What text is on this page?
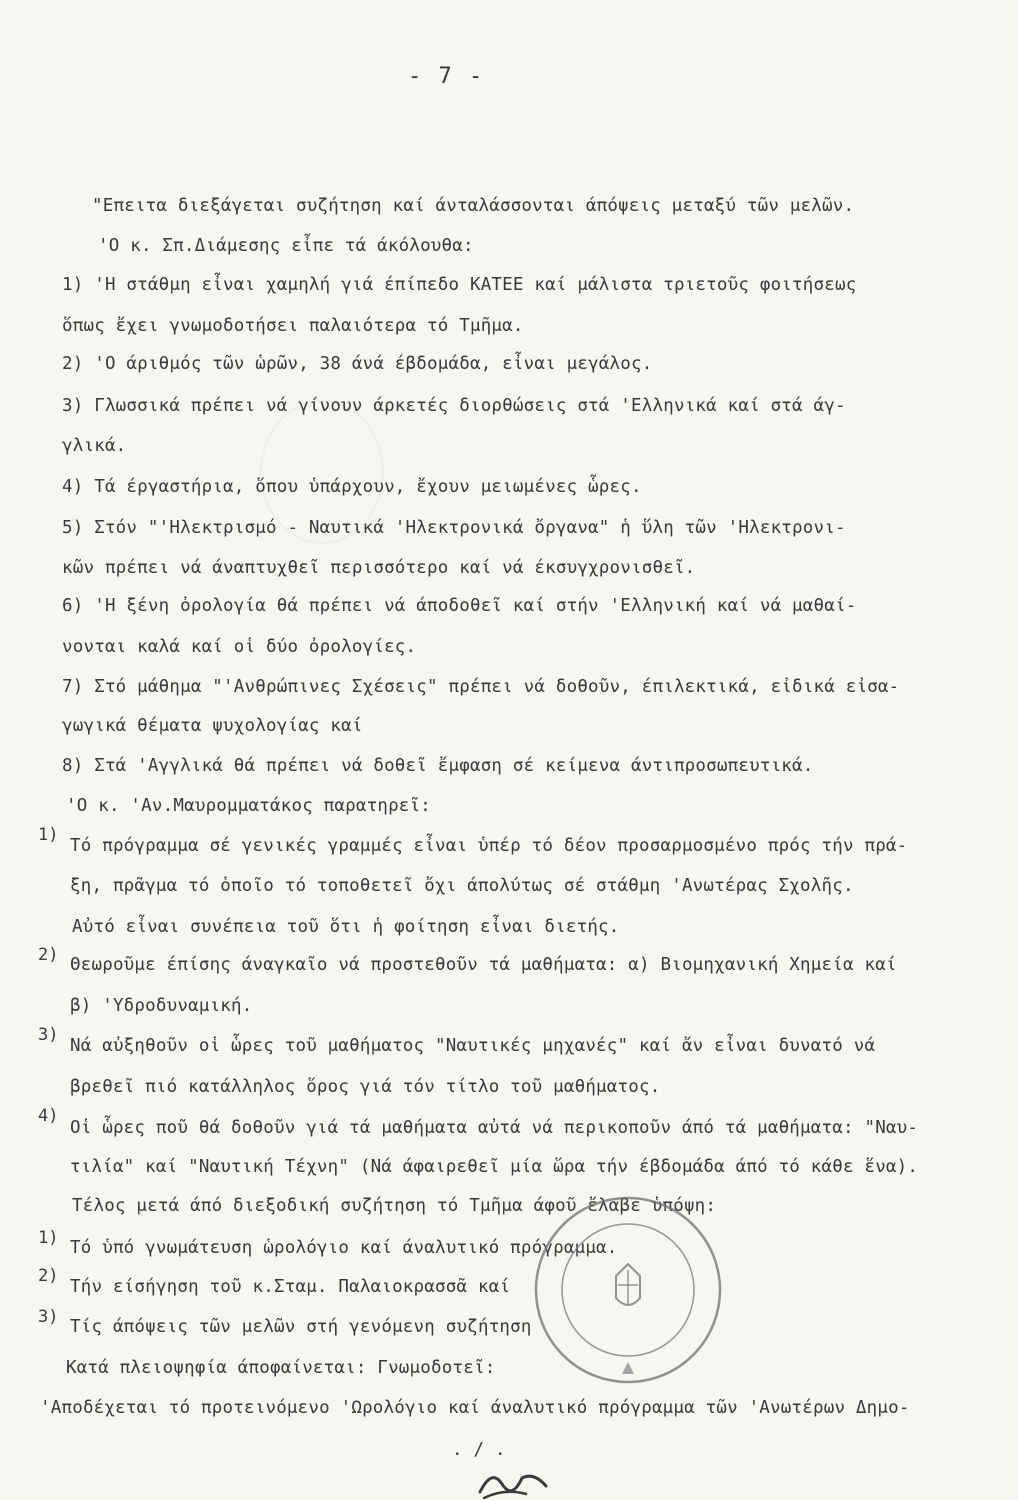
- 7 -
"Επειτα διεξάγεται συζήτηση καί άνταλάσσονται άπόψεις μεταξύ τῶν μελῶν.
'Ο κ. Σπ.Διάμεσης εἶπε τά άκόλουθα:
1) 'Η στάθμη εἶναι χαμηλή γιά έπίπεδο ΚΑΤΕΕ καί μάλιστα τριετοῦς φοιτήσεως
ὅπως ἔχει γνωμοδοτήσει παλαιότερα τό Τμῆμα.
2) 'Ο άριθμός τῶν ὡρῶν, 38 άνά έβδομάδα, εἶναι μεγάλος.
3) Γλωσσικά πρέπει νά γίνουν άρκετές διορθώσεις στά 'Ελληνικά καί στά άγ-
γλικά.
4) Τά έργαστήρια, ὅπου ὑπάρχουν, ἔχουν μειωμένες ὧρες.
5) Στόν "'Ηλεκτρισμό - Ναυτικά 'Ηλεκτρονικά ὄργανα" ἡ ὕλη τῶν 'Ηλεκτρονι-
κῶν πρέπει νά άναπτυχθεῖ περισσότερο καί νά έκσυγχρονισθεῖ.
6) 'Η ξένη ὀρολογία θά πρέπει νά άποδοθεῖ καί στήν 'Ελληνική καί νά μαθαί-
νονται καλά καί οἱ δύο ὀρολογίες.
7) Στό μάθημα "'Ανθρώπινες Σχέσεις" πρέπει νά δοθοῦν, έπιλεκτικά, εἰδικά εἰσα-
γωγικά θέματα ψυχολογίας καί
8) Στά 'Αγγλικά θά πρέπει νά δοθεῖ ἔμφαση σέ κείμενα άντιπροσωπευτικά.
'Ο κ. 'Αν.Μαυρομματάκος παρατηρεῖ:
1)
Τό πρόγραμμα σέ γενικές γραμμές εἶναι ὑπέρ τό δέον προσαρμοσμένο πρός τήν πρά-
ξη, πρᾶγμα τό ὁποῖο τό τοποθετεῖ ὄχι άπολύτως σέ στάθμη 'Ανωτέρας Σχολῆς.
Αὐτό εἶναι συνέπεια τοῦ ὅτι ἡ φοίτηση εἶναι διετής.
2) Θεωροῦμε έπίσης άναγκαῖο νά προστεθοῦν τά μαθήματα: α) Βιομηχανική Χημεία καί
β) 'Υδροδυναμική.
3)
Νά αὐξηθοῦν οἱ ὧρες τοῦ μαθήματος "Ναυτικές μηχανές" καί ἄν εἶναι δυνατό νά
βρεθεῖ πιό κατάλληλος ὅρος γιά τόν τίτλο τοῦ μαθήματος.
4)
Οἱ ὧρες ποῦ θά δοθοῦν γιά τά μαθήματα αὐτά νά περικοποῦν άπό τά μαθήματα: "Ναυ-
τιλία" καί "Ναυτική Τέχνη" (Νά άφαιρεθεῖ μία ὥρα τήν έβδομάδα άπό τό κάθε ἕνα).
Τέλος μετά άπό διεξοδική συζήτηση τό Τμῆμα άφοῦ ἔλαβε ὑπόψη:
1) Τό ὑπό γνωμάτευση ὡρολόγιο καί άναλυτικό πρόγραμμα.
2)
Τήν είσήγηση τοῦ κ.Σταμ. Παλαιοκρασσᾶ καί
3) Τίς άπόψεις τῶν μελῶν στή γενόμενη συζήτηση
Κατά πλειοψηφία άποφαίνεται: Γνωμοδοτεῖ:
'Αποδέχεται τό προτεινόμενο 'Ωρολόγιο καί άναλυτικό πρόγραμμα τῶν 'Ανωτέρων Δημο-
. / .
